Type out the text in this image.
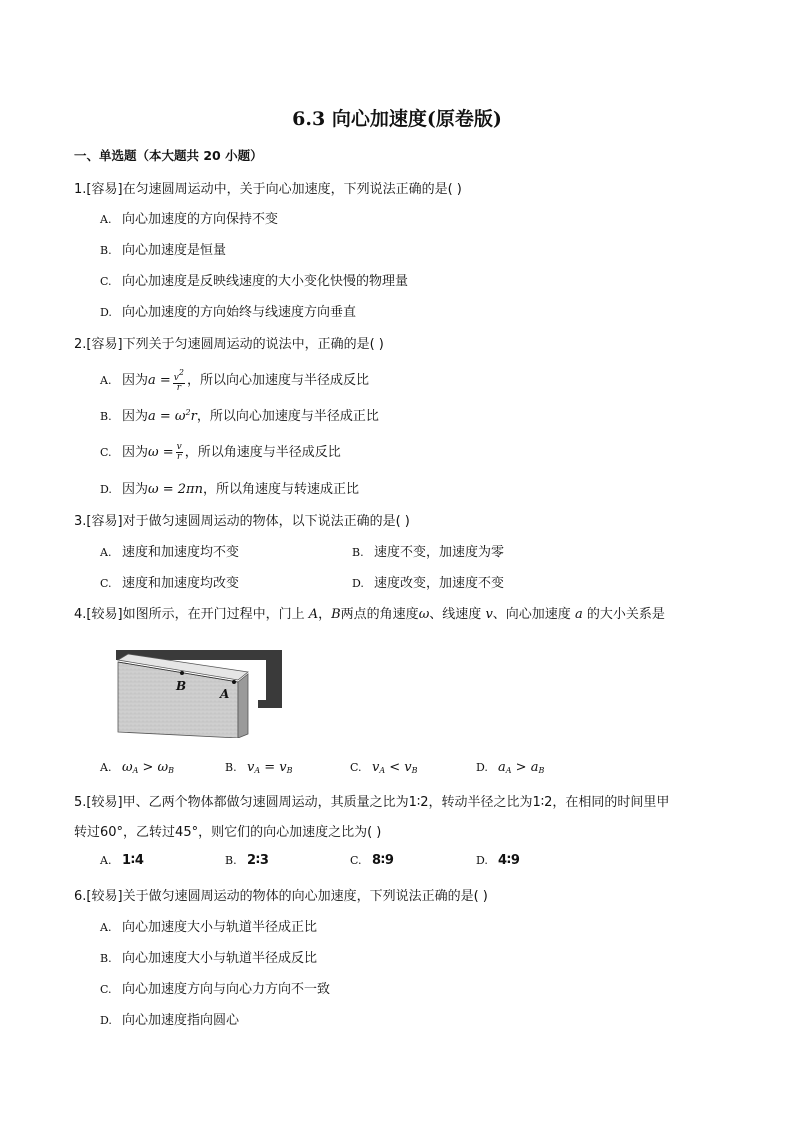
6.3 向心加速度(原卷版)
一、单选题（本大题共 20 小题）
1.[容易]在匀速圆周运动中，关于向心加速度，下列说法正确的是( )
A. 向心加速度的方向保持不变
B. 向心加速度是恒量
C. 向心加速度是反映线速度的大小变化快慢的物理量
D. 向心加速度的方向始终与线速度方向垂直
2.[容易]下列关于匀速圆周运动的说法中，正确的是( )
A. 因为$a = \frac{v2}{r}$ ，所以向心加速度与半径成反比
B. 因为$a = \omega^2r$，所以向心加速度与半径成正比
C. 因为$\omega = \frac{v}{r}$ ，所以角速度与半径成反比
D. 因为ω = 2πn，所以角速度与转速成正比
3.[容易]对于做匀速圆周运动的物体，以下说法正确的是( )
A. 速度和加速度均不变	B. 速度不变，加速度为零
C. 速度和加速度均改变	D. 速度改变，加速度不变
4.[较易]如图所示，在开门过程中，门上 A，B两点的角速度ω、线速度 v、向心加速度 a 的大小关系是
B
A
A. $\omega_A > \omega_B$	B. $v_A = v_B$	C. $v_A < v_B$	D. $a_A > a_B$
5.[较易]甲、乙两个物体都做匀速圆周运动，其质量之比为1∶2，转动半径之比为1∶2，在相同的时间里甲
转过60°，乙转过45°，则它们的向心加速度之比为( )
A. 1∶4	B. 2∶3	C. 8∶9	D. 4∶9
6.[较易]关于做匀速圆周运动的物体的向心加速度，下列说法正确的是( )
A. 向心加速度大小与轨道半径成正比
B. 向心加速度大小与轨道半径成反比
C. 向心加速度方向与向心力方向不一致
D. 向心加速度指向圆心
